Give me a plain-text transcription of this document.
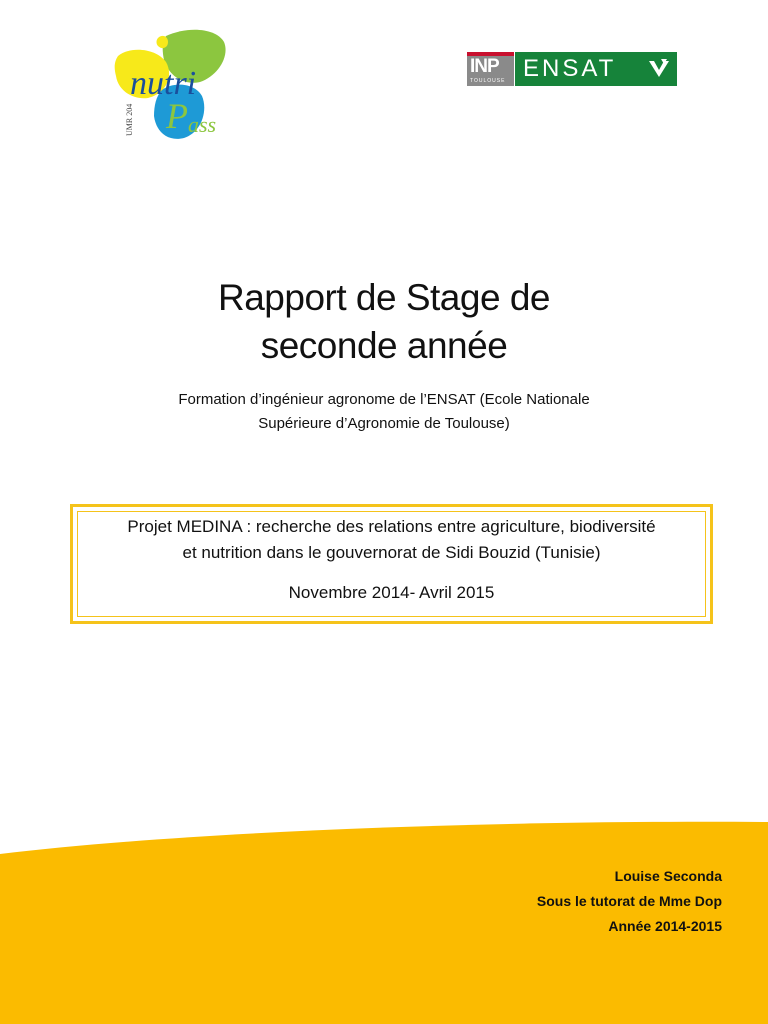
nutri
P ass
UMR 204
INP
TOULOUSE ENSAT
Rapport de Stage de
seconde année
Formation d’ingénieur agronome de l’ENSAT (Ecole Nationale
Supérieure d’Agronomie de Toulouse)
Projet MEDINA : recherche des relations entre agriculture, biodiversité
et nutrition dans le gouvernorat de Sidi Bouzid (Tunisie)
Novembre 2014- Avril 2015
Louise Seconda
Sous le tutorat de Mme Dop
Année 2014-2015
